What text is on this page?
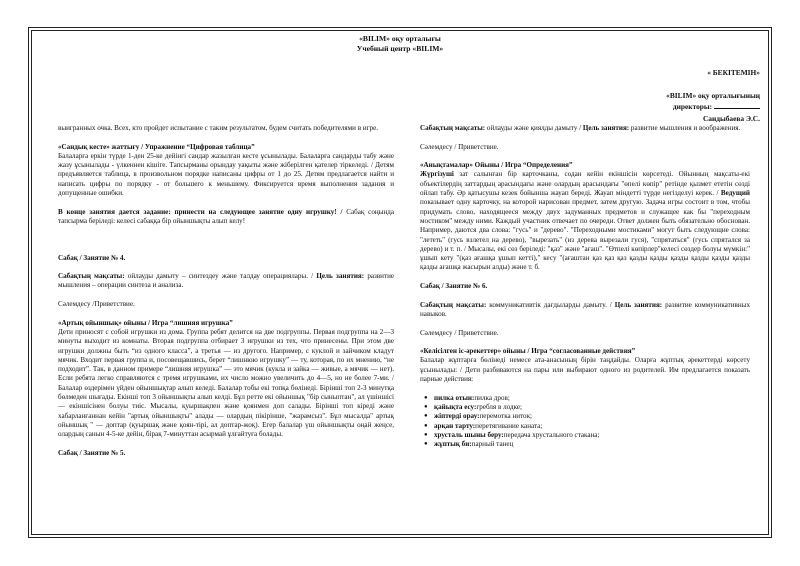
«BILIM» оқу орталығы
Учебный центр «BILIM»
« БЕКІТЕМІН»
«BILIM» оқу орталығының
директоры:
Сандыбаева Э.С.

выигранных очка. Всех, кто пройдет испытание с таким результатом, будем считать победителями в игре.

«Сандық кесте» жаттығу / Упражнение “Цифровая таблица”

Балаларға еркін түрде 1-ден 25-ке дейінгі сандар жазылған кесте ұсынылады. Балаларға сандарды табу және жазу ұсынылады - үлкеннен кішіге. Тапсырманы орындау уақыты және жіберілген қателер тіркеледі. / Детям предъявляется таблица, в произвольном порядке написаны цифры от 1 до 25. Детям предлагается найти и написать цифры по порядку - от большего к меньшему. Фиксируется время выполнения задания и допущенные ошибки.

В конце занятия дается задание: принести на следующее занятие одну игрушку! / Сабақ соңында тапсырма беріледі: келесі сабаққа бір ойыншықты алып келу!

Сабақ / Занятие № 4.

Сабақтың мақсаты: ойлауды дамыту – синтездеу және талдау операциялары. / Цель занятия: развитие мышления – операции синтеза и анализа.

Сәлемдесу /Приветствие.

«Артық ойыншық» ойыны / Игра “лишняя игрушка”

Дети приносят с собой игрушки из дома. Группа ребят делится на две подгруппы. Первая подгруппа на 2—3 минуты выходит из комнаты. Вторая подгруппа отбирает 3 игрушки из тех, что принесены. При этом две игрушки должны быть “из одного класса”, а третья — из другого. Например, с куклой и зайчиком кладут мячик. Входит первая группа и, посовещавшись, берет “лишнюю игрушку” — ту, которая, по их мнению, “не подходит”. Так, в данном примере “лишняя игрушка” — это мячик (кукла и зайка — живые, а мячик — нет). Если ребята легко справляются с тремя игрушками, их число можно увеличить до 4—5, но не более 7-ми. / Балалар өздерімен үйден ойыншықтар алып келеді. Балалар тобы екі топқа бөлінеді. Бірінші топ 2-3 минутқа бөлмеден шығады. Екінші топ 3 ойыншықты алып келді. Бұл ретте екі ойыншық "бір сыныптан", ал үшіншісі — екіншісінен болуы тиіс. Мысалы, қуыршақпен және қоянмен доп салады. Бірінші топ кіреді және хабарланғаннан кейін "артық ойыншықты" алады — олардың пікірінше, "жарамсыз". Бұл мысалда" артық ойыншық " — доптар (қуыршақ және қоян-тірі, ал доптар-жоқ). Егер балалар үш ойыншықты оңай жеңсе, олардың санын 4-5-ке дейін, бірақ 7-минуттан асырмай ұлғайтуға болады.

Сабақ / Занятие № 5.

Сабақтың мақсаты: ойлауды және қиялды дамыту / Цель занятия: развитие мышления и воображения.

Сәлемдесу / Приветствие.

«Анықтамалар» Ойыны / Игра “Определения”

Жүргізуші зат салынған бір карточканы, содан кейін екіншісін көрсетеді. Ойынның мақсаты-екі объектілердің заттардың арасындағы және олардың арасындағы "өпелі көпір" ретінде қызмет ететін сөзді ойлап табу. Әр қатысушы кезек бойынша жауап береді. Жауап міндетті түрде негізделуі керек. / Ведущий показывает одну карточку, на которой нарисован предмет, затем другую. Задача игры состоит в том, чтобы придумать слово, находящееся между двух задуманных предметов и служащее как бы "переходным мостиком" между ними. Каждый участник отвечает по очереди. Ответ должен быть обязательно обоснован. Например, даются два слова: "гусь" и "дерево". "Переходными мостиками" могут быть следующие слова: "лететь" (гусь взлетел на дерево), "вырезать" (из дерева вырезали гуся), "спрятаться" (гусь спрятался за дерево) и т. п. / Мысалы, екі сөз беріледі: "қаз" және "ағаш". "Өтпелі көпірлер"келесі сөздер болуы мүмкін:" ұшып кету "(қаз ағашқа ұшып кетті)," кесу "(ағаштан қаз қаз қаз қазды қазды қазды қазды қазды қазды қазды ағашқа жасырын алды) және т. б.

Сабақ / Занятие № 6.

Сабақтың мақсаты: коммуникативтік дағдыларды дамыту. / Цель занятия: развитие коммуникативных навыков.

Сәлемдесу / Приветствие.

«Келісілген іс-әрекеттер» ойыны / Игра “согласованные действия”

Балалар жұптарға бөлінеді немесе ата-анасының бірін таңдайды. Оларға жұптық әрекеттерді көрсету ұсынылады: / Дети разбиваются на пары или выбирают одного из родителей. Им предлагается показать парные действия:

● пилка отын:пилка дров;
● қайықта есу:гребля в лодке;
● жіптерді орау:перемотка ниток;
● арқан тарту:перетягивание каната;
● хрусталь шыны беру:передача хрустального стакана;
● жұптық би:парный танец
